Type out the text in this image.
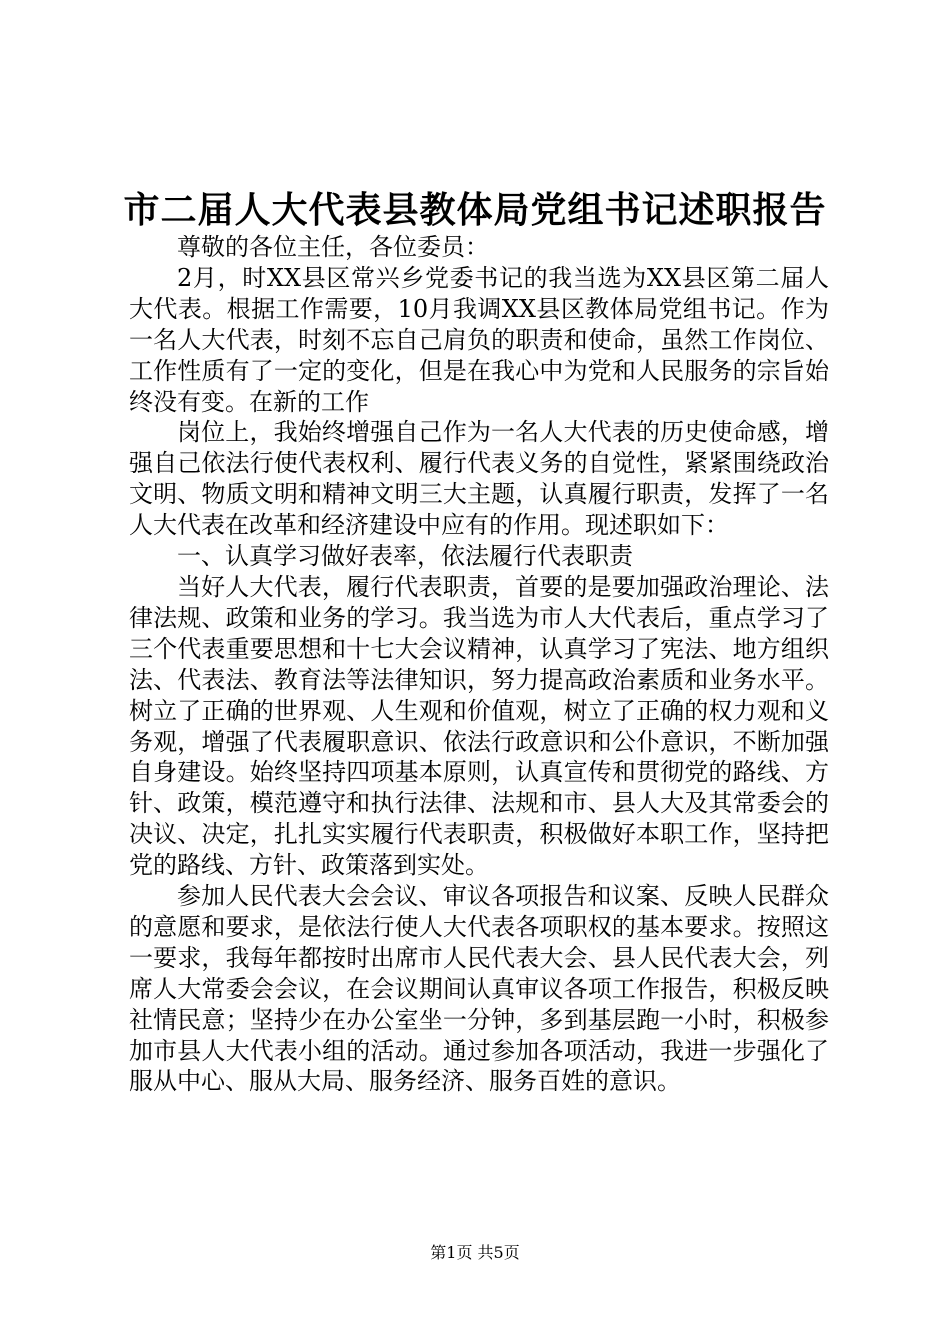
市二届人大代表县教体局党组书记述职报告

尊敬的各位主任，各位委员：

2月，时XX县区常兴乡党委书记的我当选为XX县区第二届人大代表。根据工作需要，10月我调XX县区教体局党组书记。作为一名人大代表，时刻不忘自己肩负的职责和使命，虽然工作岗位、工作性质有了一定的变化，但是在我心中为党和人民服务的宗旨始终没有变。在新的工作

岗位上，我始终增强自己作为一名人大代表的历史使命感，增强自己依法行使代表权利、履行代表义务的自觉性，紧紧围绕政治文明、物质文明和精神文明三大主题，认真履行职责，发挥了一名人大代表在改革和经济建设中应有的作用。现述职如下：

一、认真学习做好表率，依法履行代表职责

当好人大代表，履行代表职责，首要的是要加强政治理论、法律法规、政策和业务的学习。我当选为市人大代表后，重点学习了三个代表重要思想和十七大会议精神，认真学习了宪法、地方组织法、代表法、教育法等法律知识，努力提高政治素质和业务水平。树立了正确的世界观、人生观和价值观，树立了正确的权力观和义务观，增强了代表履职意识、依法行政意识和公仆意识，不断加强自身建设。始终坚持四项基本原则，认真宣传和贯彻党的路线、方针、政策，模范遵守和执行法律、法规和市、县人大及其常委会的决议、决定，扎扎实实履行代表职责，积极做好本职工作，坚持把党的路线、方针、政策落到实处。

参加人民代表大会会议、审议各项报告和议案、反映人民群众的意愿和要求，是依法行使人大代表各项职权的基本要求。按照这一要求，我每年都按时出席市人民代表大会、县人民代表大会，列席人大常委会会议，在会议期间认真审议各项工作报告，积极反映社情民意；坚持少在办公室坐一分钟，多到基层跑一小时，积极参加市县人大代表小组的活动。通过参加各项活动，我进一步强化了服从中心、服从大局、服务经济、服务百姓的意识。

第1页 共5页
